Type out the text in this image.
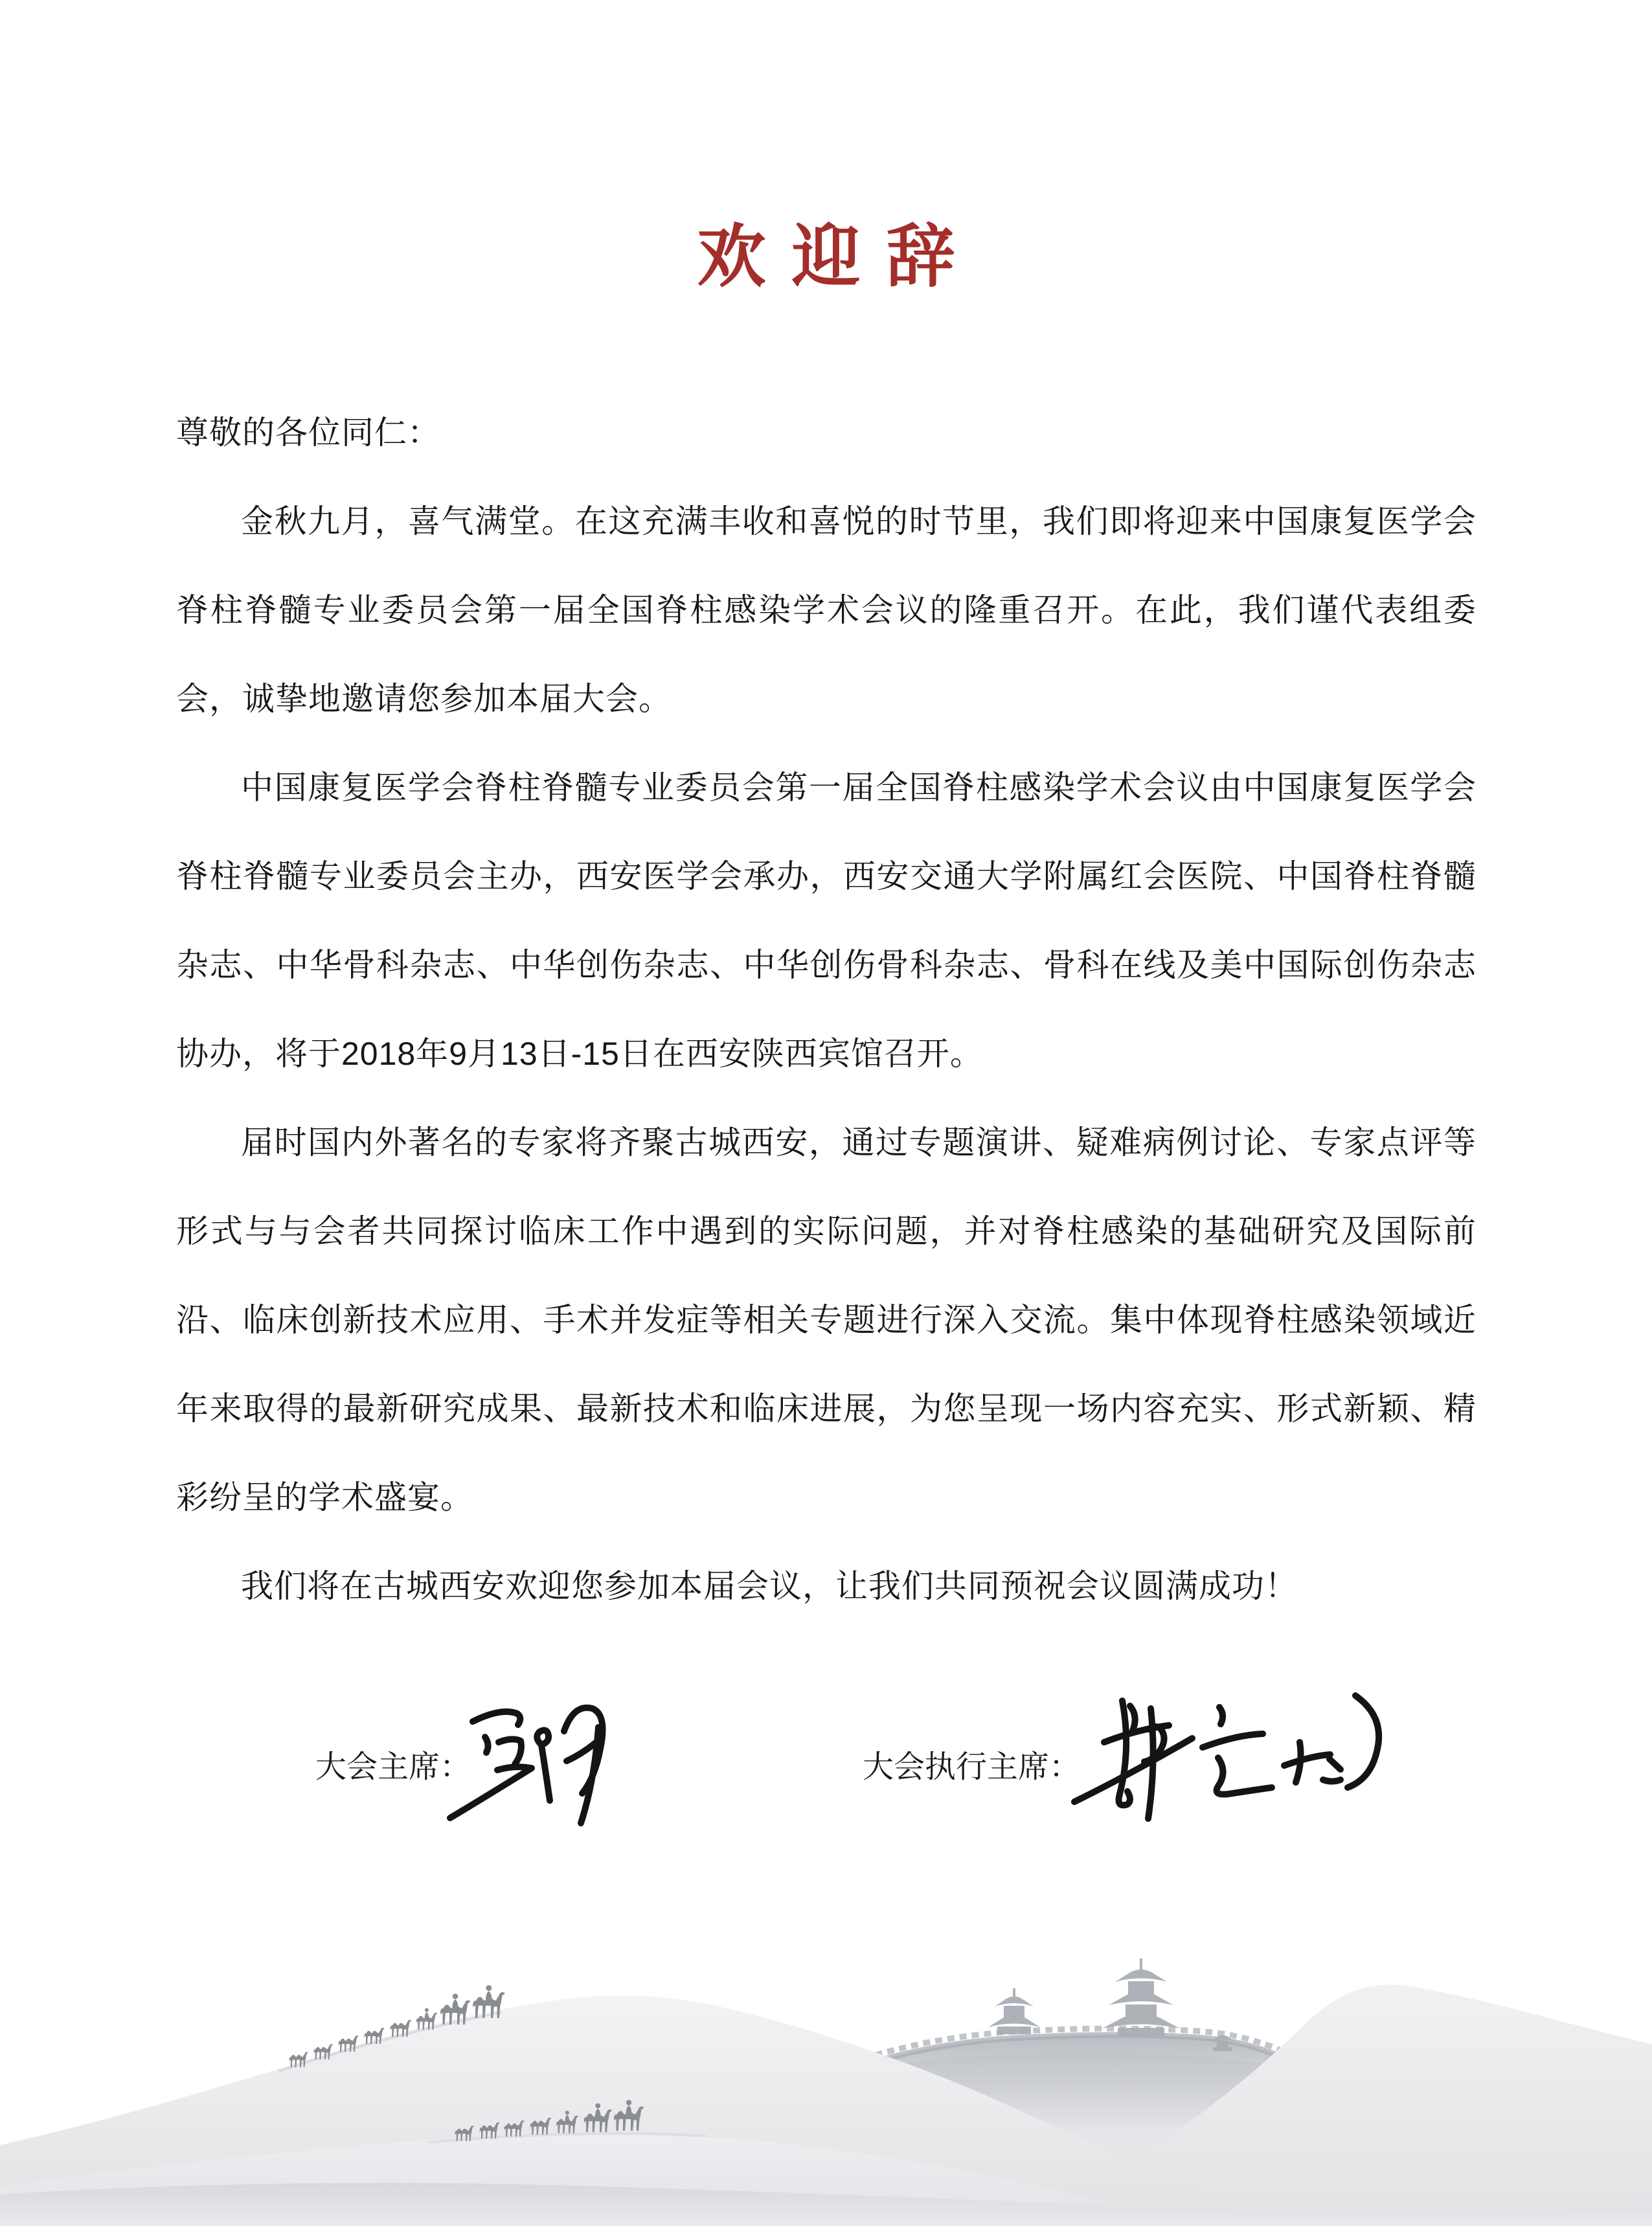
欢迎辞

尊敬的各位同仁：

金秋九月，喜气满堂。在这充满丰收和喜悦的时节里，我们即将迎来中国康复医学会脊柱脊髓专业委员会第一届全国脊柱感染学术会议的隆重召开。在此，我们谨代表组委会，诚挚地邀请您参加本届大会。

中国康复医学会脊柱脊髓专业委员会第一届全国脊柱感染学术会议由中国康复医学会脊柱脊髓专业委员会主办，西安医学会承办，西安交通大学附属红会医院、中国脊柱脊髓杂志、中华骨科杂志、中华创伤杂志、中华创伤骨科杂志、骨科在线及美中国际创伤杂志协办，将于2018年9月13日-15日在西安陕西宾馆召开。

届时国内外著名的专家将齐聚古城西安，通过专题演讲、疑难病例讨论、专家点评等形式与与会者共同探讨临床工作中遇到的实际问题，并对脊柱感染的基础研究及国际前沿、临床创新技术应用、手术并发症等相关专题进行深入交流。集中体现脊柱感染领域近年来取得的最新研究成果、最新技术和临床进展，为您呈现一场内容充实、形式新颖、精彩纷呈的学术盛宴。

我们将在古城西安欢迎您参加本届会议，让我们共同预祝会议圆满成功！

大会主席：	大会执行主席：
